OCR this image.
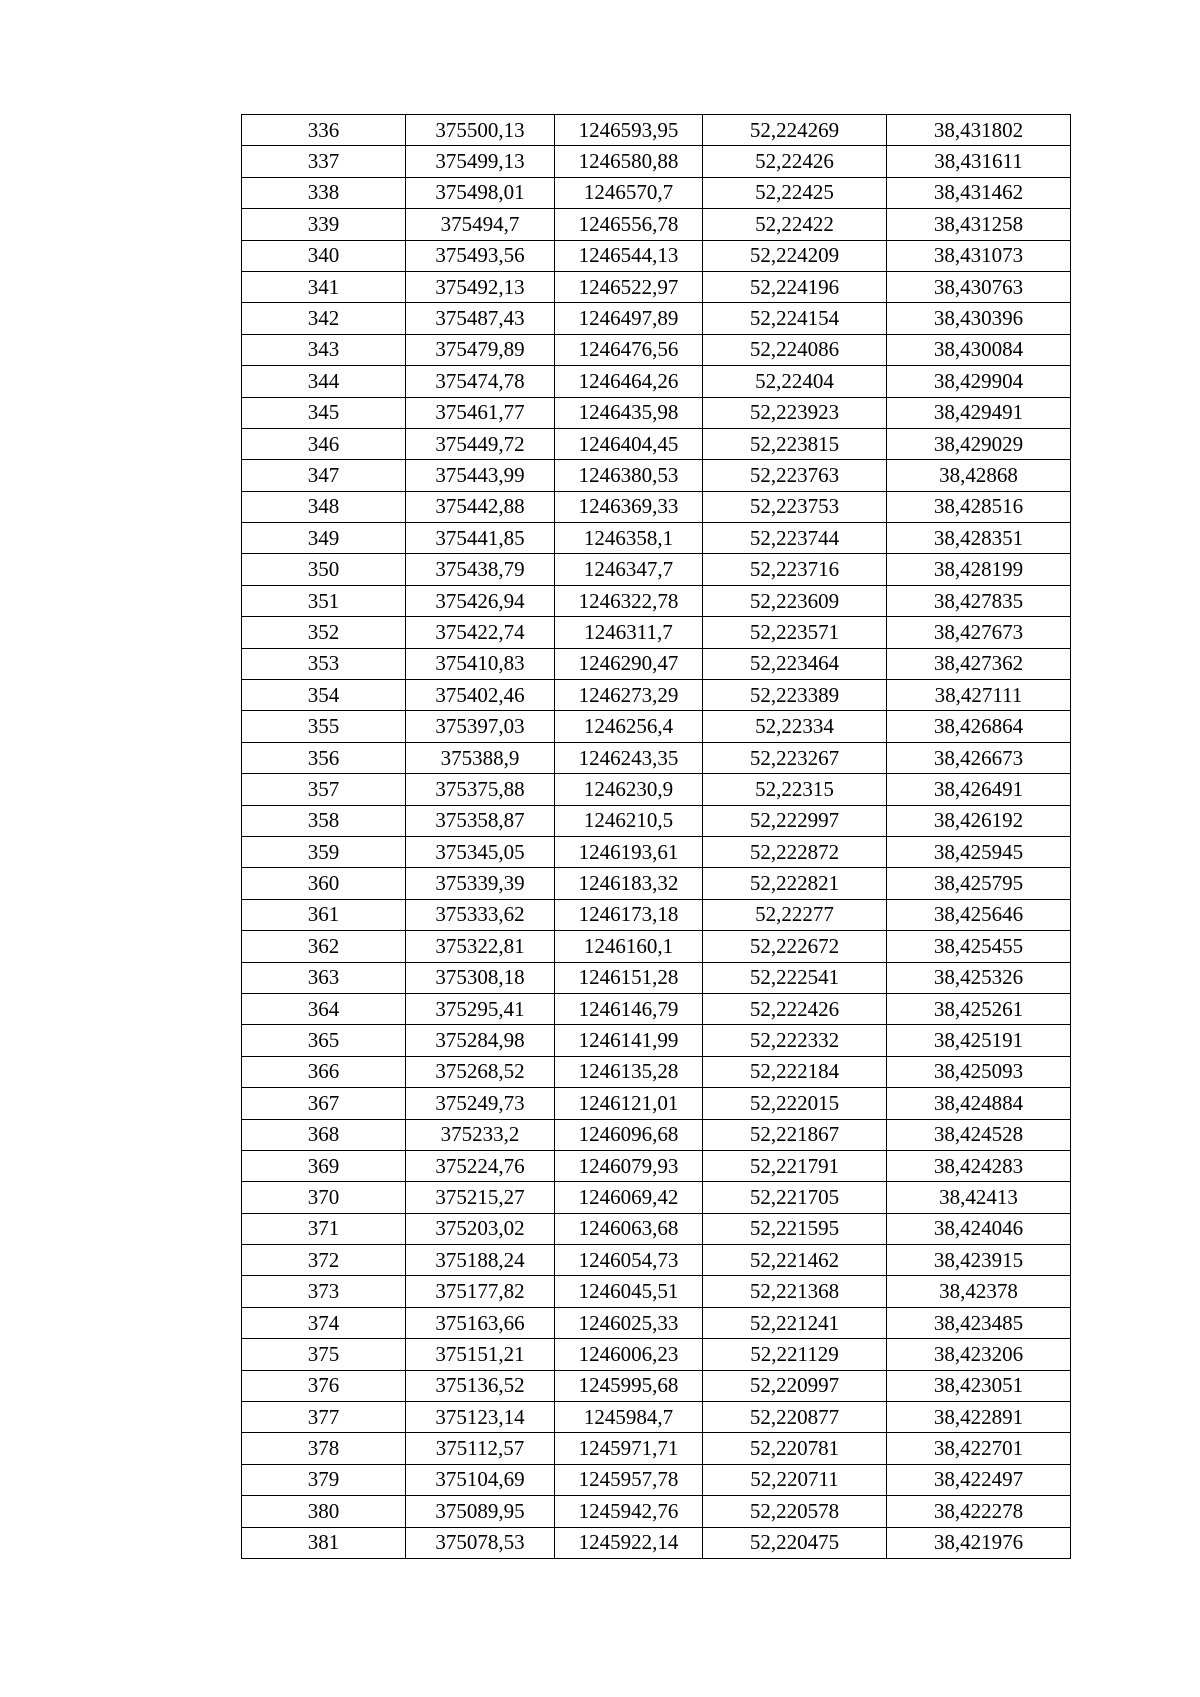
336	375500,13	1246593,95	52,224269	38,431802
337	375499,13	1246580,88	52,22426	38,431611
338	375498,01	1246570,7	52,22425	38,431462
339	375494,7	1246556,78	52,22422	38,431258
340	375493,56	1246544,13	52,224209	38,431073
341	375492,13	1246522,97	52,224196	38,430763
342	375487,43	1246497,89	52,224154	38,430396
343	375479,89	1246476,56	52,224086	38,430084
344	375474,78	1246464,26	52,22404	38,429904
345	375461,77	1246435,98	52,223923	38,429491
346	375449,72	1246404,45	52,223815	38,429029
347	375443,99	1246380,53	52,223763	38,42868
348	375442,88	1246369,33	52,223753	38,428516
349	375441,85	1246358,1	52,223744	38,428351
350	375438,79	1246347,7	52,223716	38,428199
351	375426,94	1246322,78	52,223609	38,427835
352	375422,74	1246311,7	52,223571	38,427673
353	375410,83	1246290,47	52,223464	38,427362
354	375402,46	1246273,29	52,223389	38,427111
355	375397,03	1246256,4	52,22334	38,426864
356	375388,9	1246243,35	52,223267	38,426673
357	375375,88	1246230,9	52,22315	38,426491
358	375358,87	1246210,5	52,222997	38,426192
359	375345,05	1246193,61	52,222872	38,425945
360	375339,39	1246183,32	52,222821	38,425795
361	375333,62	1246173,18	52,22277	38,425646
362	375322,81	1246160,1	52,222672	38,425455
363	375308,18	1246151,28	52,222541	38,425326
364	375295,41	1246146,79	52,222426	38,425261
365	375284,98	1246141,99	52,222332	38,425191
366	375268,52	1246135,28	52,222184	38,425093
367	375249,73	1246121,01	52,222015	38,424884
368	375233,2	1246096,68	52,221867	38,424528
369	375224,76	1246079,93	52,221791	38,424283
370	375215,27	1246069,42	52,221705	38,42413
371	375203,02	1246063,68	52,221595	38,424046
372	375188,24	1246054,73	52,221462	38,423915
373	375177,82	1246045,51	52,221368	38,42378
374	375163,66	1246025,33	52,221241	38,423485
375	375151,21	1246006,23	52,221129	38,423206
376	375136,52	1245995,68	52,220997	38,423051
377	375123,14	1245984,7	52,220877	38,422891
378	375112,57	1245971,71	52,220781	38,422701
379	375104,69	1245957,78	52,220711	38,422497
380	375089,95	1245942,76	52,220578	38,422278
381	375078,53	1245922,14	52,220475	38,421976
